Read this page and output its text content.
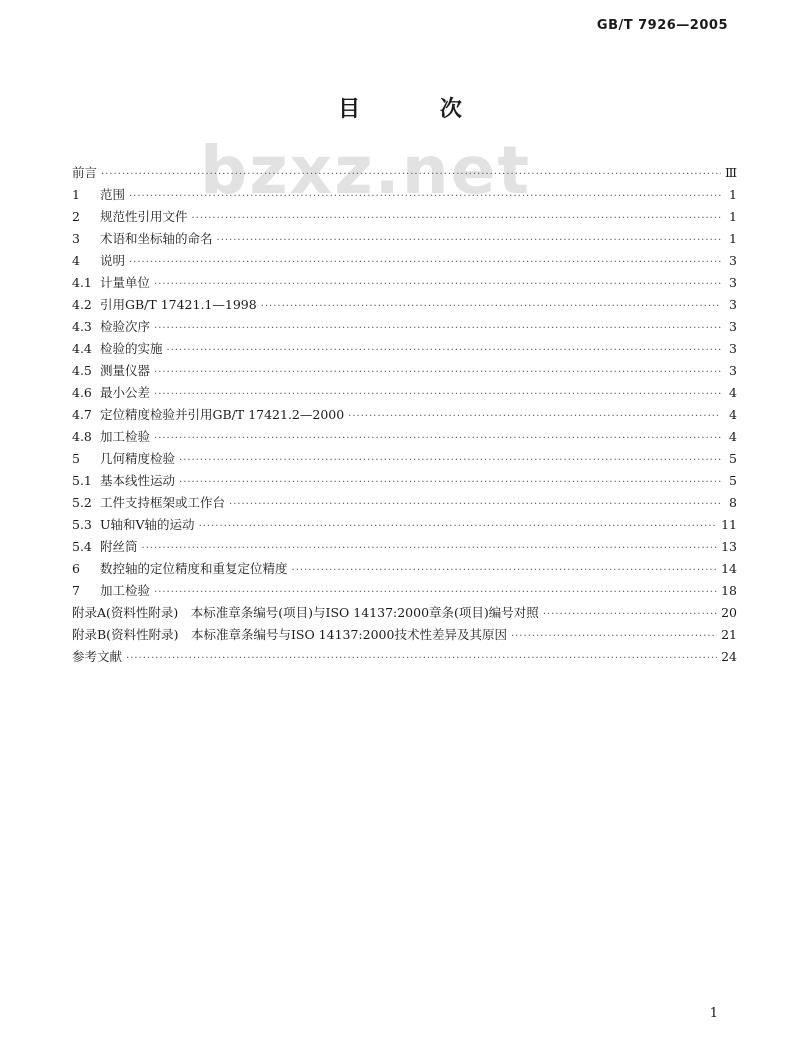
GB/T 7926—2005
bzxz.net
目 次
前言 ·····	Ⅲ
1	范围 ·····	1
2	规范性引用文件 ·····	1
3	术语和坐标轴的命名 ·····	1
4	说明 ·····	3
4.1 计量单位 ·····	3
4.2 引用GB/T 17421.1—1998 ·····	3
4.3 检验次序 ·····	3
4.4 检验的实施 ·····	3
4.5 测量仪器 ·····	3
4.6 最小公差 ·····	4
4.7 定位精度检验并引用GB/T 17421.2—2000 ·····	4
4.8 加工检验 ·····	4
5	几何精度检验 ·····	5
5.1 基本线性运动 ·····	5
5.2 工件支持框架或工作台 ·····	8
5.3 U轴和V轴的运动 ·····	11
5.4 附丝筒 ·····	13
6	数控轴的定位精度和重复定位精度 ·····	14
7	加工检验 ·····	18
附录A(资料性附录)　本标准章条编号(项目)与ISO 14137:2000章条(项目)编号对照 ·····	20
附录B(资料性附录)　本标准章条编号与ISO 14137:2000技术性差异及其原因 ·····	21
参考文献 ·····	24
1
